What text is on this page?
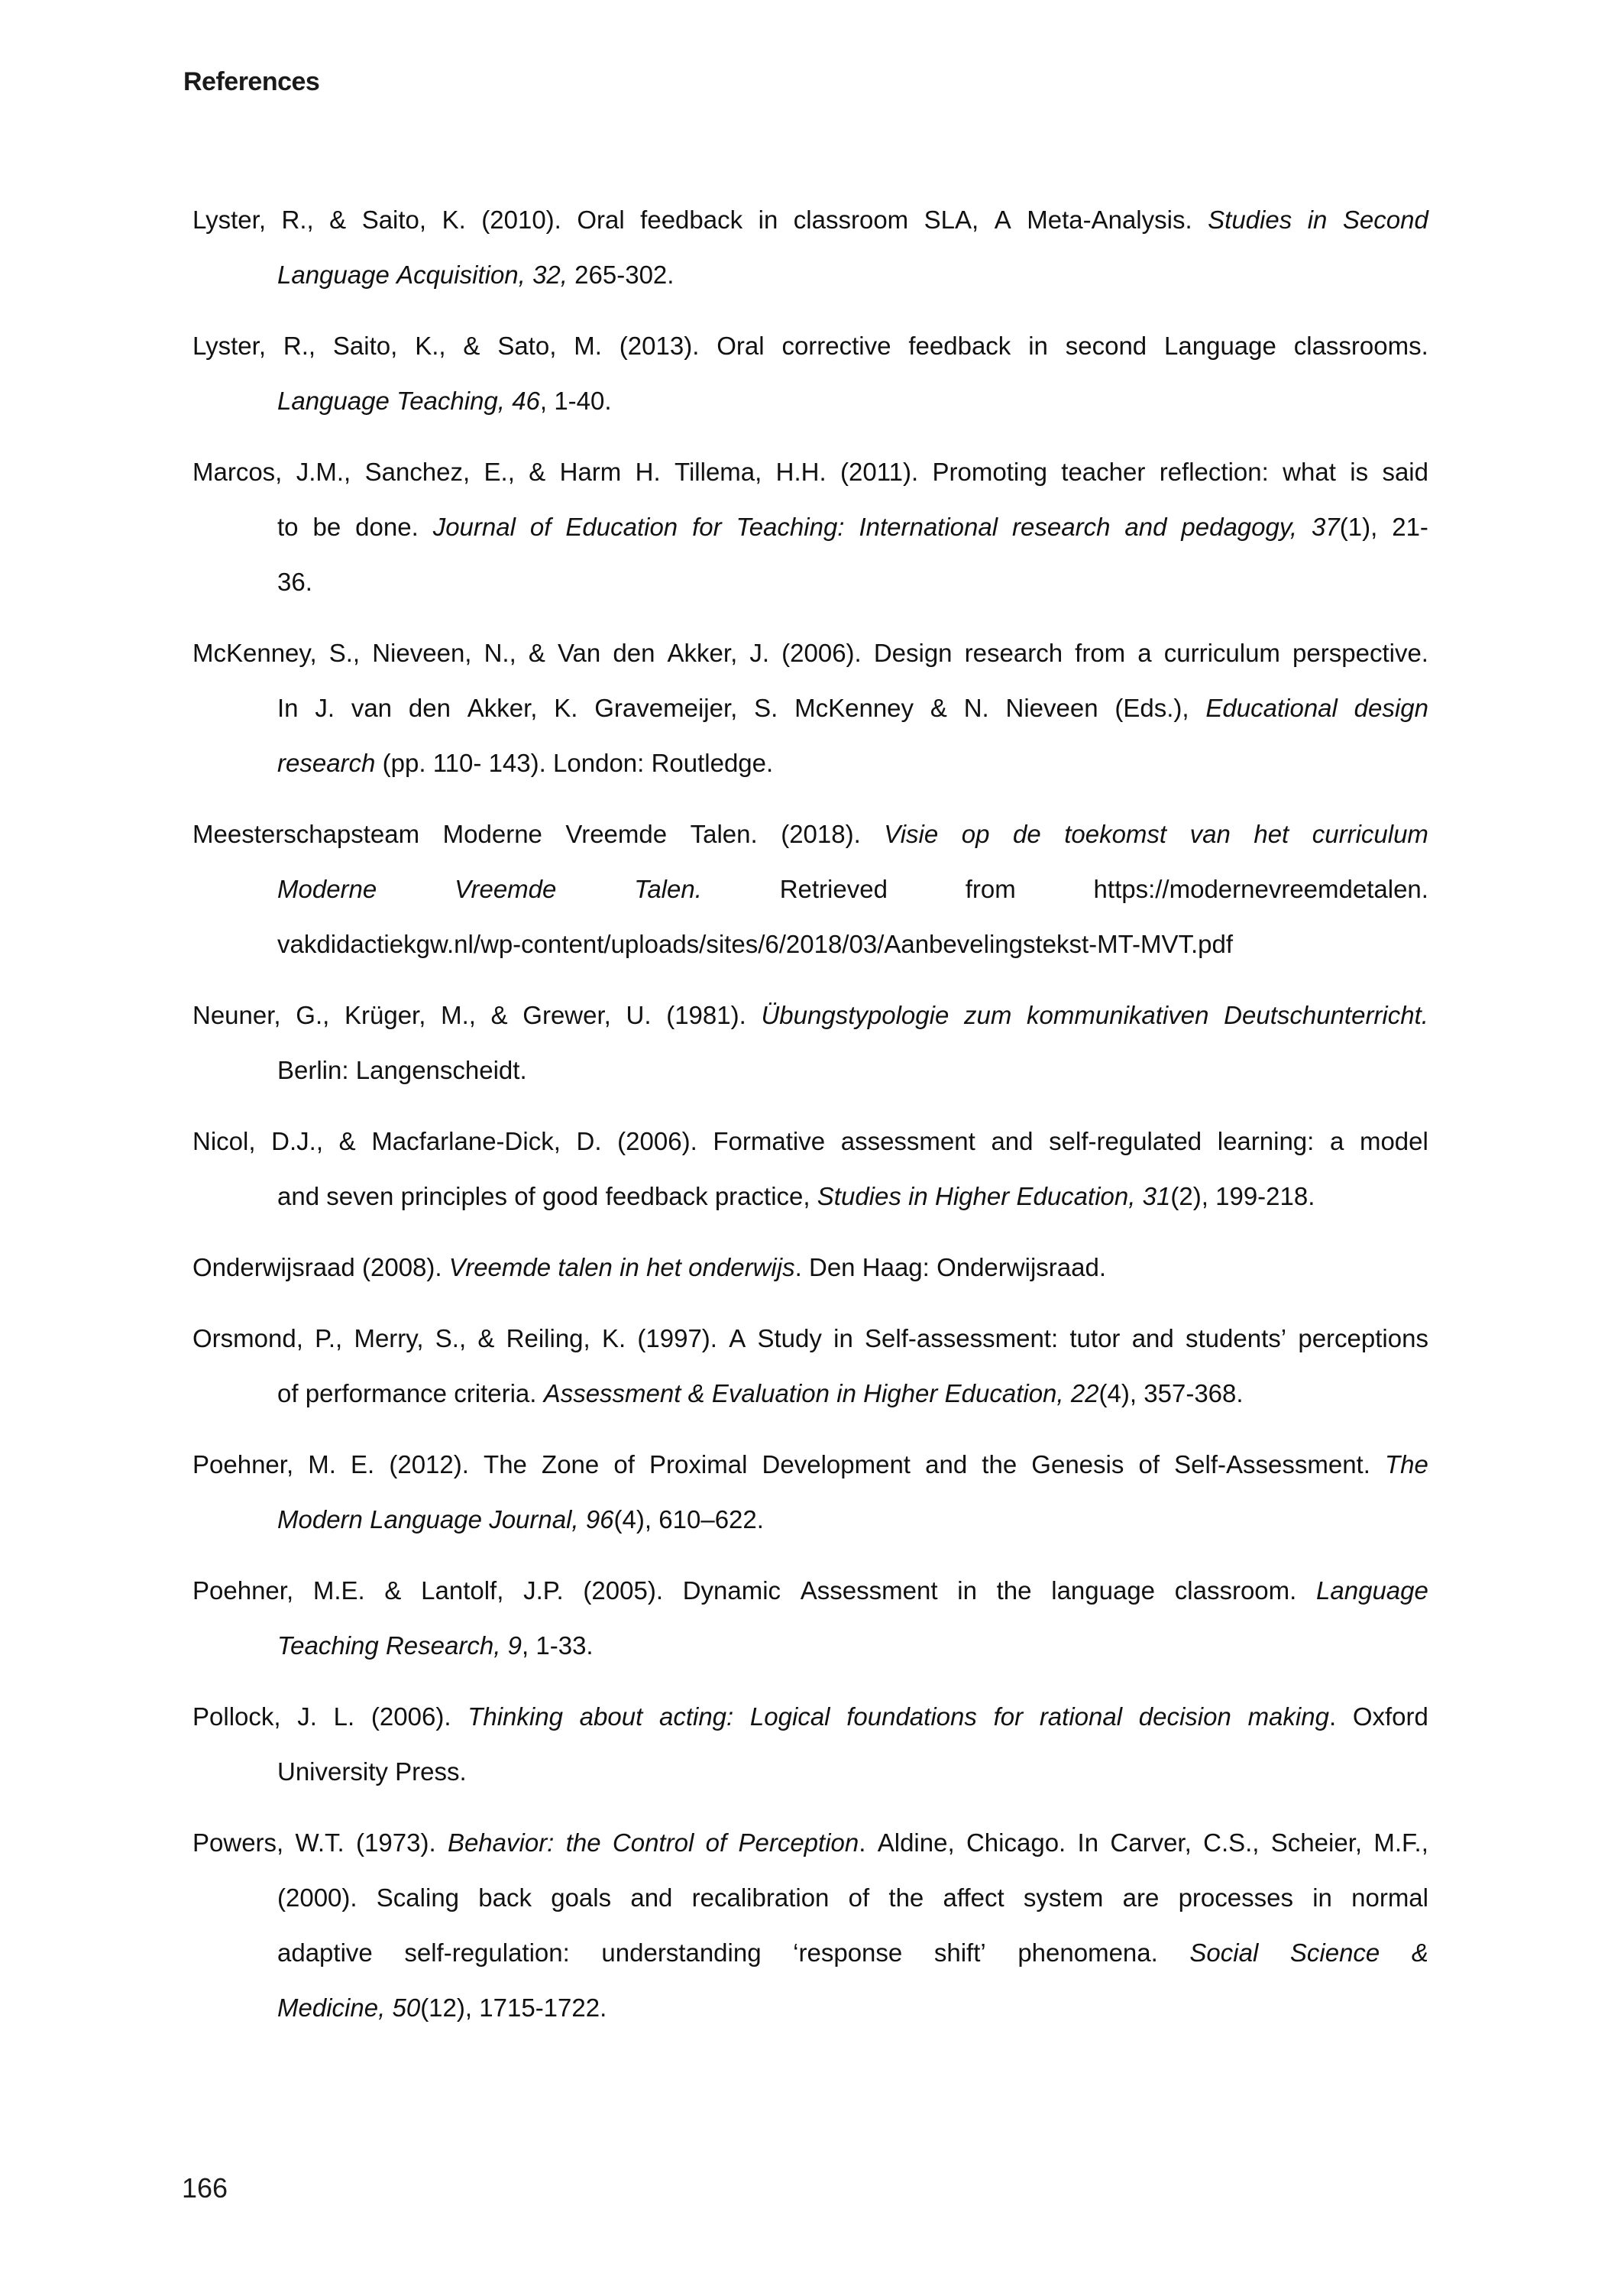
References
Lyster, R., & Saito, K. (2010). Oral feedback in classroom SLA, A Meta-Analysis. Studies in Second
Language Acquisition, 32, 265-302.
Lyster, R., Saito, K., & Sato, M. (2013). Oral corrective feedback in second Language classrooms.
Language Teaching, 46, 1-40.
Marcos, J.M., Sanchez, E., & Harm H. Tillema, H.H. (2011). Promoting teacher reflection: what is said
to be done. Journal of Education for Teaching: International research and pedagogy, 37(1), 21-
36.
McKenney, S., Nieveen, N., & Van den Akker, J. (2006). Design research from a curriculum perspective.
In J. van den Akker, K. Gravemeijer, S. McKenney & N. Nieveen (Eds.), Educational design
research (pp. 110- 143). London: Routledge.
Meesterschapsteam Moderne Vreemde Talen. (2018). Visie op de toekomst van het curriculum
Moderne	Vreemde	Talen.	Retrieved	from	https://modernevreemdetalen.
vakdidactiekgw.nl/wp-content/uploads/sites/6/2018/03/Aanbevelingstekst-MT-MVT.pdf
Neuner, G., Krüger, M., & Grewer, U. (1981). Übungstypologie zum kommunikativen Deutschunterricht.
Berlin: Langenscheidt.
Nicol, D.J., & Macfarlane-Dick, D. (2006). Formative assessment and self-regulated learning: a model
and seven principles of good feedback practice, Studies in Higher Education, 31(2), 199-218.
Onderwijsraad (2008). Vreemde talen in het onderwijs. Den Haag: Onderwijsraad.
Orsmond, P., Merry, S., & Reiling, K. (1997). A Study in Self-assessment: tutor and students’ perceptions
of performance criteria. Assessment & Evaluation in Higher Education, 22(4), 357-368.
Poehner, M. E. (2012). The Zone of Proximal Development and the Genesis of Self-Assessment. The
Modern Language Journal, 96(4), 610–622.
Poehner, M.E. & Lantolf, J.P. (2005). Dynamic Assessment in the language classroom. Language
Teaching Research, 9, 1-33.
Pollock, J. L. (2006). Thinking about acting: Logical foundations for rational decision making. Oxford
University Press.
Powers, W.T. (1973). Behavior: the Control of Perception. Aldine, Chicago. In Carver, C.S., Scheier, M.F.,
(2000). Scaling back goals and recalibration of the affect system are processes in normal
adaptive self-regulation: understanding ‘response shift’ phenomena. Social Science &
Medicine, 50(12), 1715-1722.
166
